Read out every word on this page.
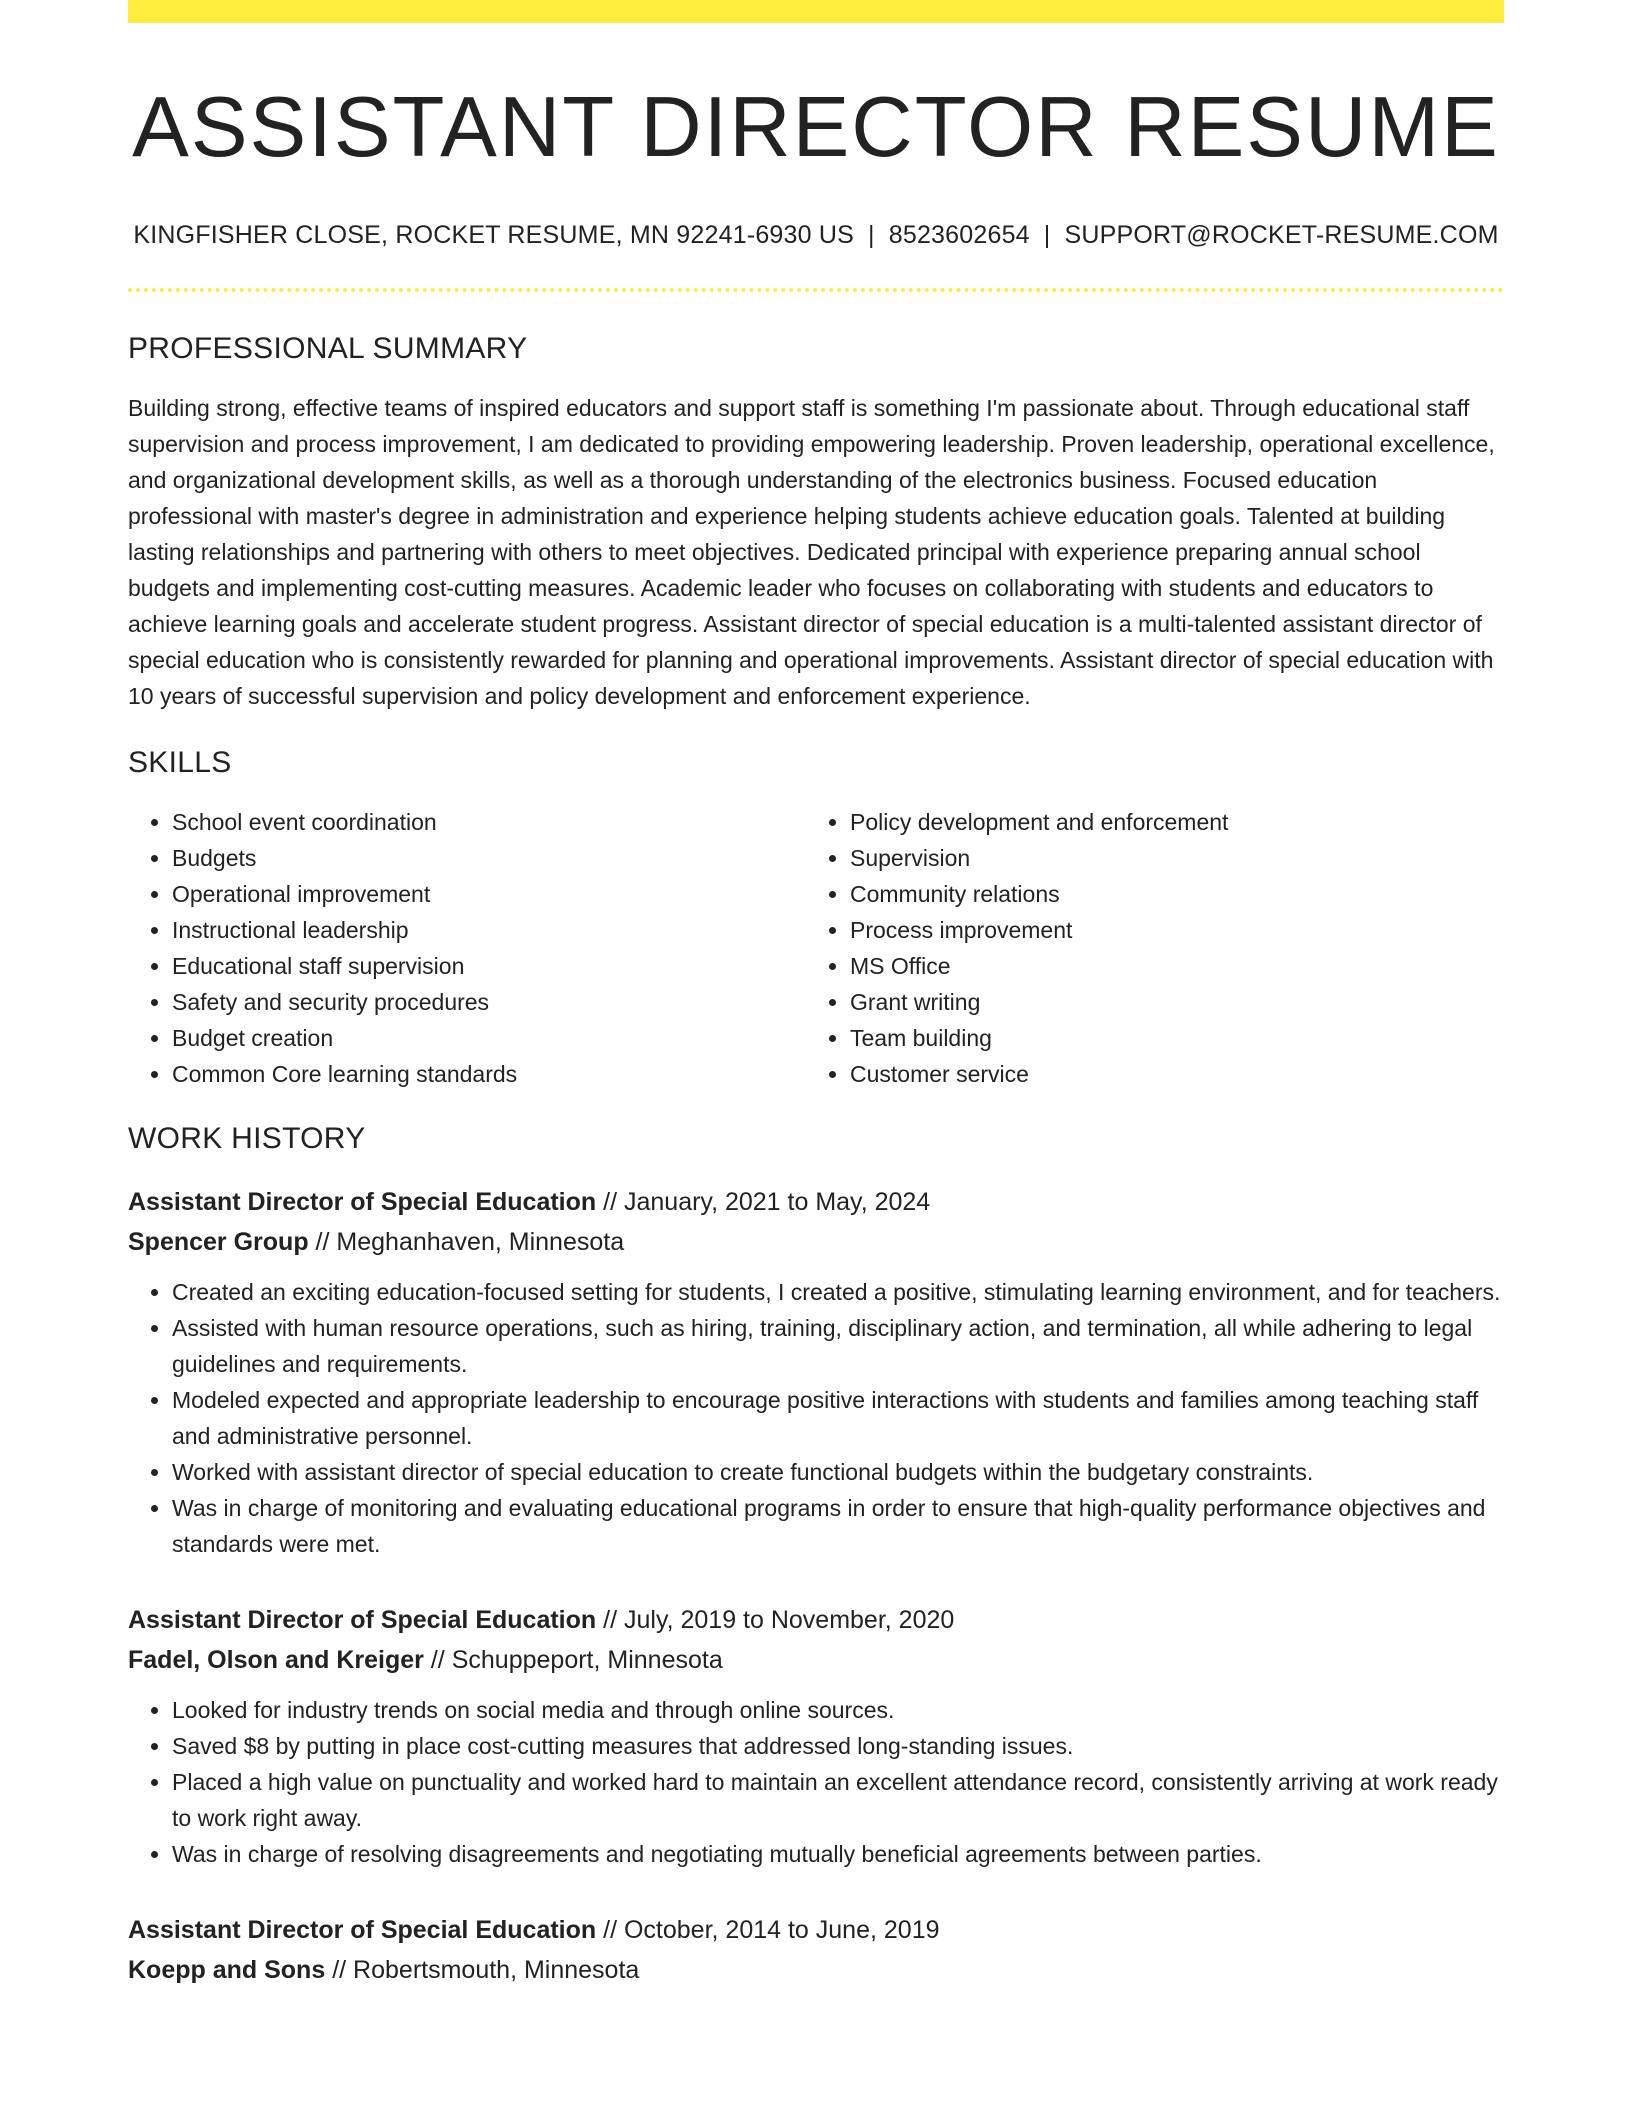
ASSISTANT DIRECTOR RESUME
KINGFISHER CLOSE, ROCKET RESUME, MN 92241-6930 US | 8523602654 | SUPPORT@ROCKET-RESUME.COM
PROFESSIONAL SUMMARY

Building strong, effective teams of inspired educators and support staff is something I'm passionate about. Through educational staff supervision and process improvement, I am dedicated to providing empowering leadership. Proven leadership, operational excellence, and organizational development skills, as well as a thorough understanding of the electronics business. Focused education professional with master's degree in administration and experience helping students achieve education goals. Talented at building lasting relationships and partnering with others to meet objectives. Dedicated principal with experience preparing annual school budgets and implementing cost-cutting measures. Academic leader who focuses on collaborating with students and educators to achieve learning goals and accelerate student progress. Assistant director of special education is a multi-talented assistant director of special education who is consistently rewarded for planning and operational improvements. Assistant director of special education with 10 years of successful supervision and policy development and enforcement experience.

SKILLS
• School event coordination
• Budgets
• Operational improvement
• Instructional leadership
• Educational staff supervision
• Safety and security procedures
• Budget creation
• Common Core learning standards
• Policy development and enforcement
• Supervision
• Community relations
• Process improvement
• MS Office
• Grant writing
• Team building
• Customer service
WORK HISTORY
Assistant Director of Special Education // January, 2021 to May, 2024
Spencer Group // Meghanhaven, Minnesota
• Created an exciting education-focused setting for students, I created a positive, stimulating learning environment, and for teachers.
• Assisted with human resource operations, such as hiring, training, disciplinary action, and termination, all while adhering to legal guidelines and requirements.
• Modeled expected and appropriate leadership to encourage positive interactions with students and families among teaching staff and administrative personnel.
• Worked with assistant director of special education to create functional budgets within the budgetary constraints.
• Was in charge of monitoring and evaluating educational programs in order to ensure that high-quality performance objectives and standards were met.
Assistant Director of Special Education // July, 2019 to November, 2020
Fadel, Olson and Kreiger // Schuppeport, Minnesota
• Looked for industry trends on social media and through online sources.
• Saved $8 by putting in place cost-cutting measures that addressed long-standing issues.
• Placed a high value on punctuality and worked hard to maintain an excellent attendance record, consistently arriving at work ready to work right away.
• Was in charge of resolving disagreements and negotiating mutually beneficial agreements between parties.
Assistant Director of Special Education // October, 2014 to June, 2019
Koepp and Sons // Robertsmouth, Minnesota
